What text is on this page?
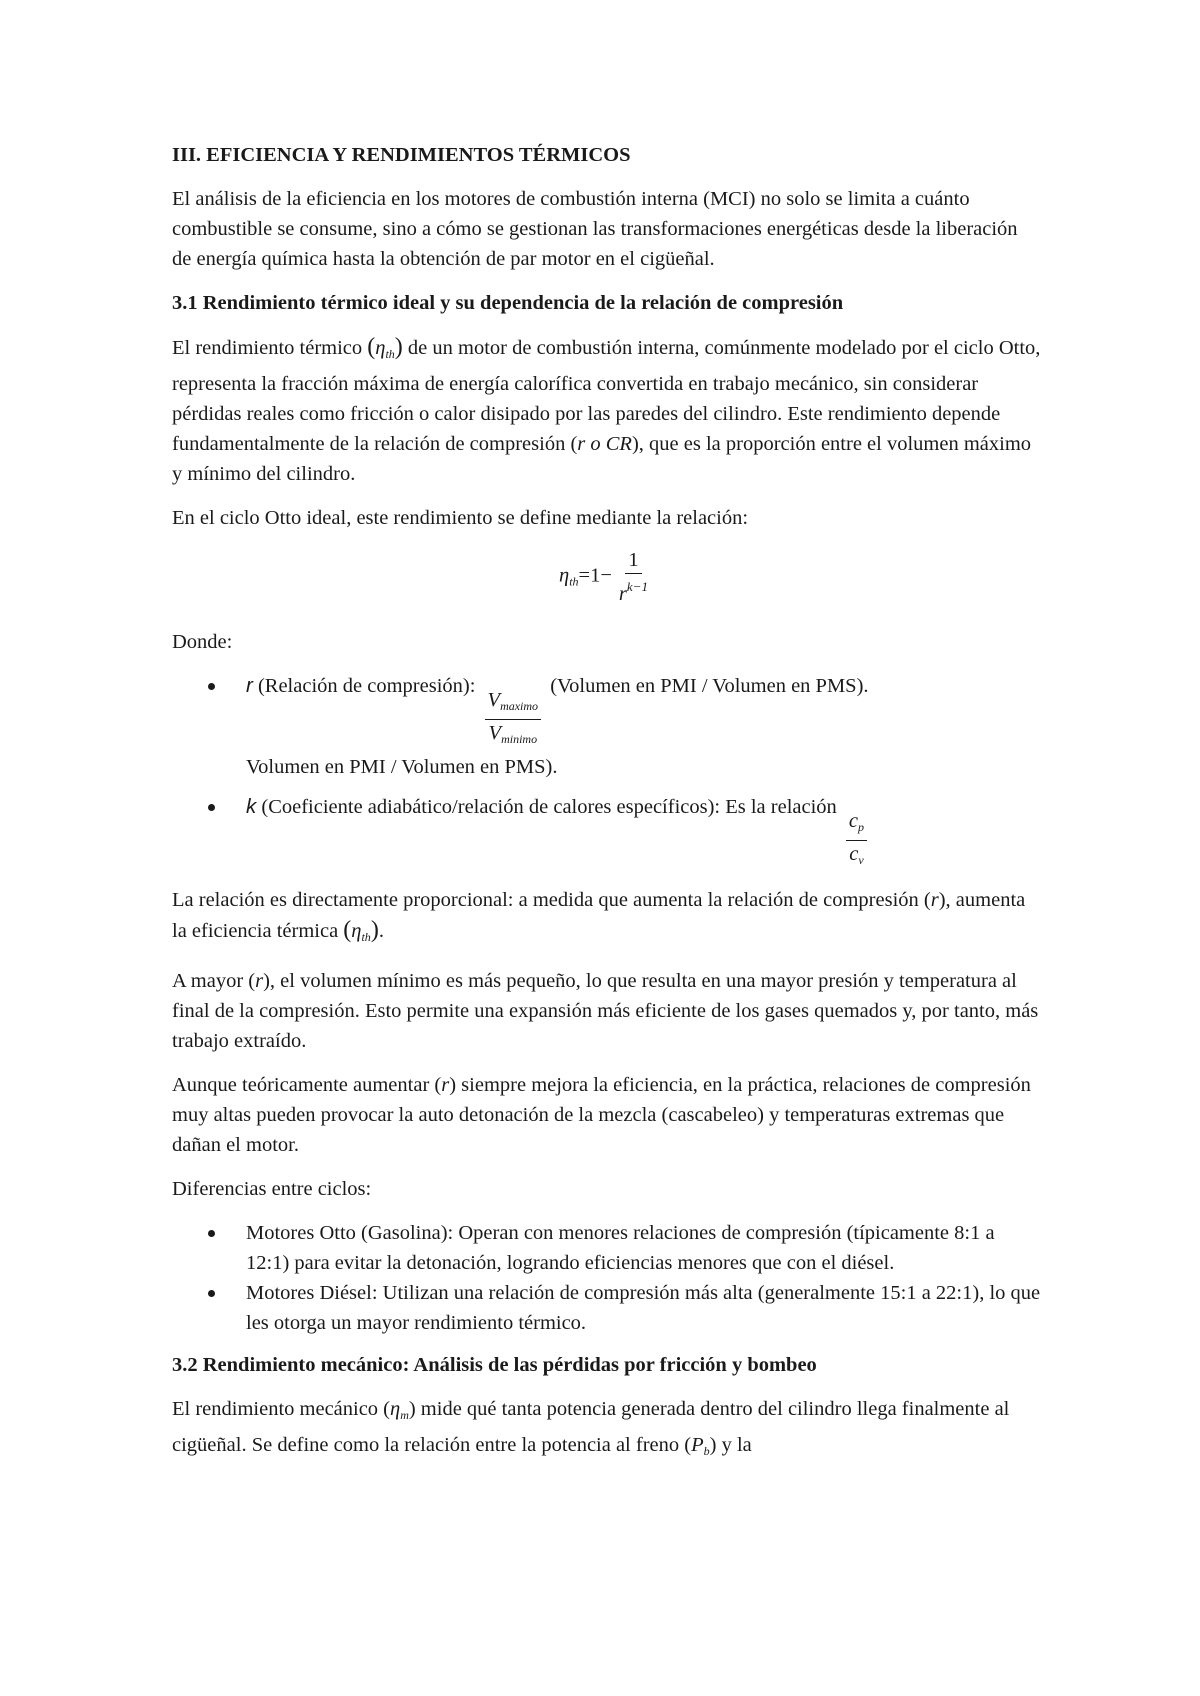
III. EFICIENCIA Y RENDIMIENTOS TÉRMICOS

El análisis de la eficiencia en los motores de combustión interna (MCI) no solo se limita a cuánto combustible se consume, sino a cómo se gestionan las transformaciones energéticas desde la liberación de energía química hasta la obtención de par motor en el cigüeñal.

3.1 Rendimiento térmico ideal y su dependencia de la relación de compresión

El rendimiento térmico $(\eta_{th})$ de un motor de combustión interna, comúnmente modelado por el ciclo Otto, representa la fracción máxima de energía calorífica convertida en trabajo mecánico, sin considerar pérdidas reales como fricción o calor disipado por las paredes del cilindro. Este rendimiento depende fundamentalmente de la relación de compresión (r o CR), que es la proporción entre el volumen máximo y mínimo del cilindro.

En el ciclo Otto ideal, este rendimiento se define mediante la relación:

$\eta_{th}=1- \frac{1}{r^{k-1}}$

Donde:

r (Relación de compresión):
$\frac{V_{maximo}}{V_{minimo}}$
(Volumen en PMI / Volumen en PMS).
Volumen en PMI / Volumen en PMS).
k (Coeficiente adiabático/relación de calores específicos): Es la relación
$\frac{c_p}{c_v}$

La relación es directamente proporcional: a medida que aumenta la relación de compresión (r), aumenta la eficiencia térmica $(\eta_{th})$.

A mayor (r), el volumen mínimo es más pequeño, lo que resulta en una mayor presión y temperatura al final de la compresión. Esto permite una expansión más eficiente de los gases quemados y, por tanto, más trabajo extraído.

Aunque teóricamente aumentar (r) siempre mejora la eficiencia, en la práctica, relaciones de compresión muy altas pueden provocar la auto detonación de la mezcla (cascabeleo) y temperaturas extremas que dañan el motor.

Diferencias entre ciclos:

Motores Otto (Gasolina): Operan con menores relaciones de compresión (típicamente 8:1 a 12:1) para evitar la detonación, logrando eficiencias menores que con el diésel.
Motores Diésel: Utilizan una relación de compresión más alta (generalmente 15:1 a 22:1), lo que les otorga un mayor rendimiento térmico.
3.2 Rendimiento mecánico: Análisis de las pérdidas por fricción y bombeo

El rendimiento mecánico $(\eta_m)$ mide qué tanta potencia generada dentro del cilindro llega finalmente al cigüeñal. Se define como la relación entre la potencia al freno $(P_b)$ y la
